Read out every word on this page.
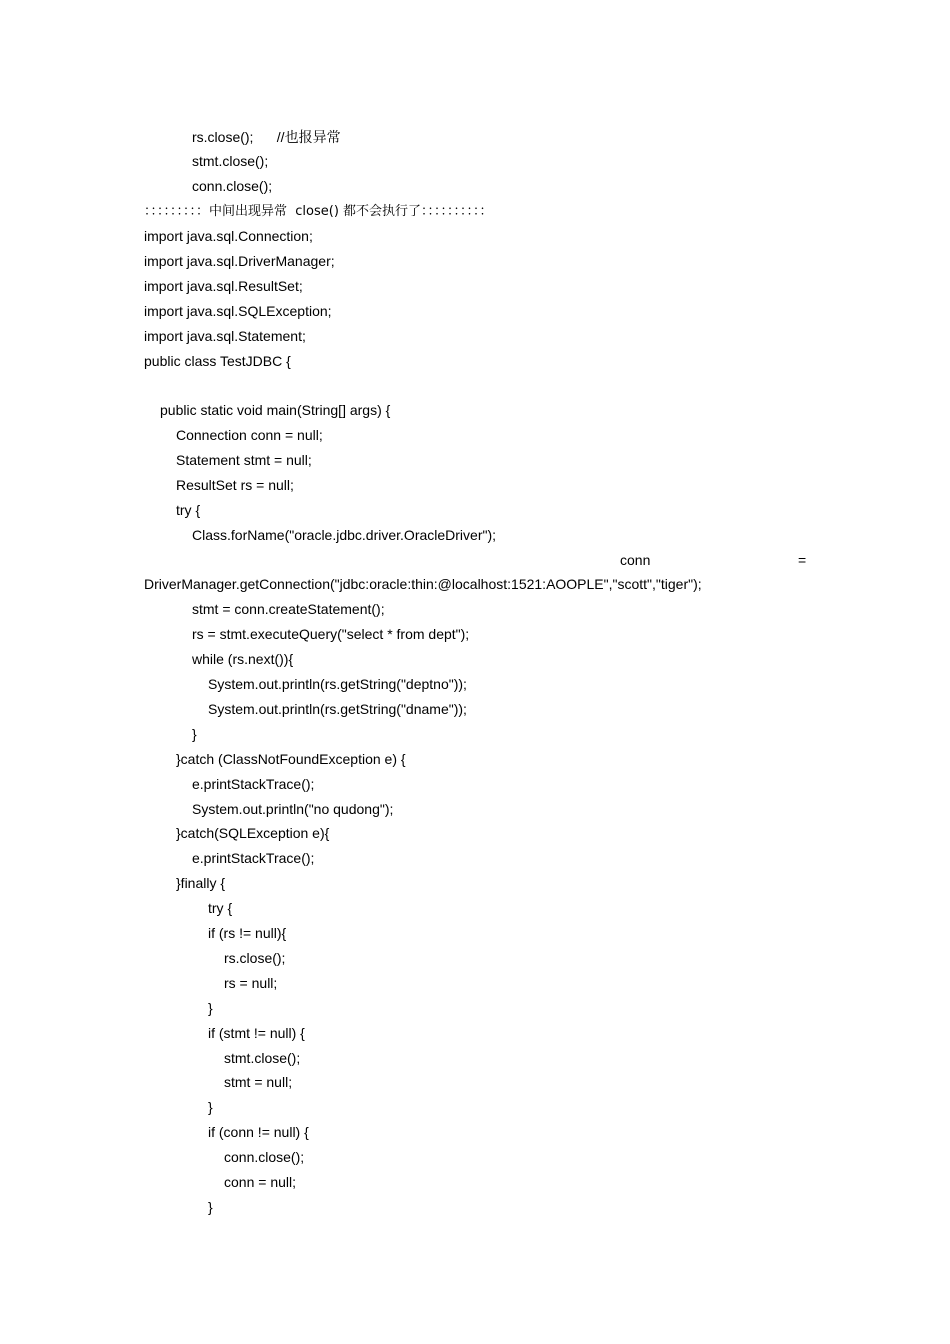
rs.close();      //也报异常
stmt.close();
conn.close();
：：：：：：：：：中间出现异常  close() 都不会执行了：：：：：：：：：：
import java.sql.Connection;
import java.sql.DriverManager;
import java.sql.ResultSet;
import java.sql.SQLException;
import java.sql.Statement;
public class TestJDBC {
public static void main(String[] args) {
Connection conn = null;
Statement stmt = null;
ResultSet rs = null;
try {
Class.forName("oracle.jdbc.driver.OracleDriver");
conn	=
DriverManager.getConnection("jdbc:oracle:thin:@localhost:1521:AOOPLE","scott","tiger");
stmt = conn.createStatement();
rs = stmt.executeQuery("select * from dept");
while (rs.next()){
System.out.println(rs.getString("deptno"));
System.out.println(rs.getString("dname"));
}
}catch (ClassNotFoundException e) {
e.printStackTrace();
System.out.println("no qudong");
}catch(SQLException e){
e.printStackTrace();
}finally {
try {
if (rs != null){
rs.close();
rs = null;
}
if (stmt != null) {
stmt.close();
stmt = null;
}
if (conn != null) {
conn.close();
conn = null;
}
